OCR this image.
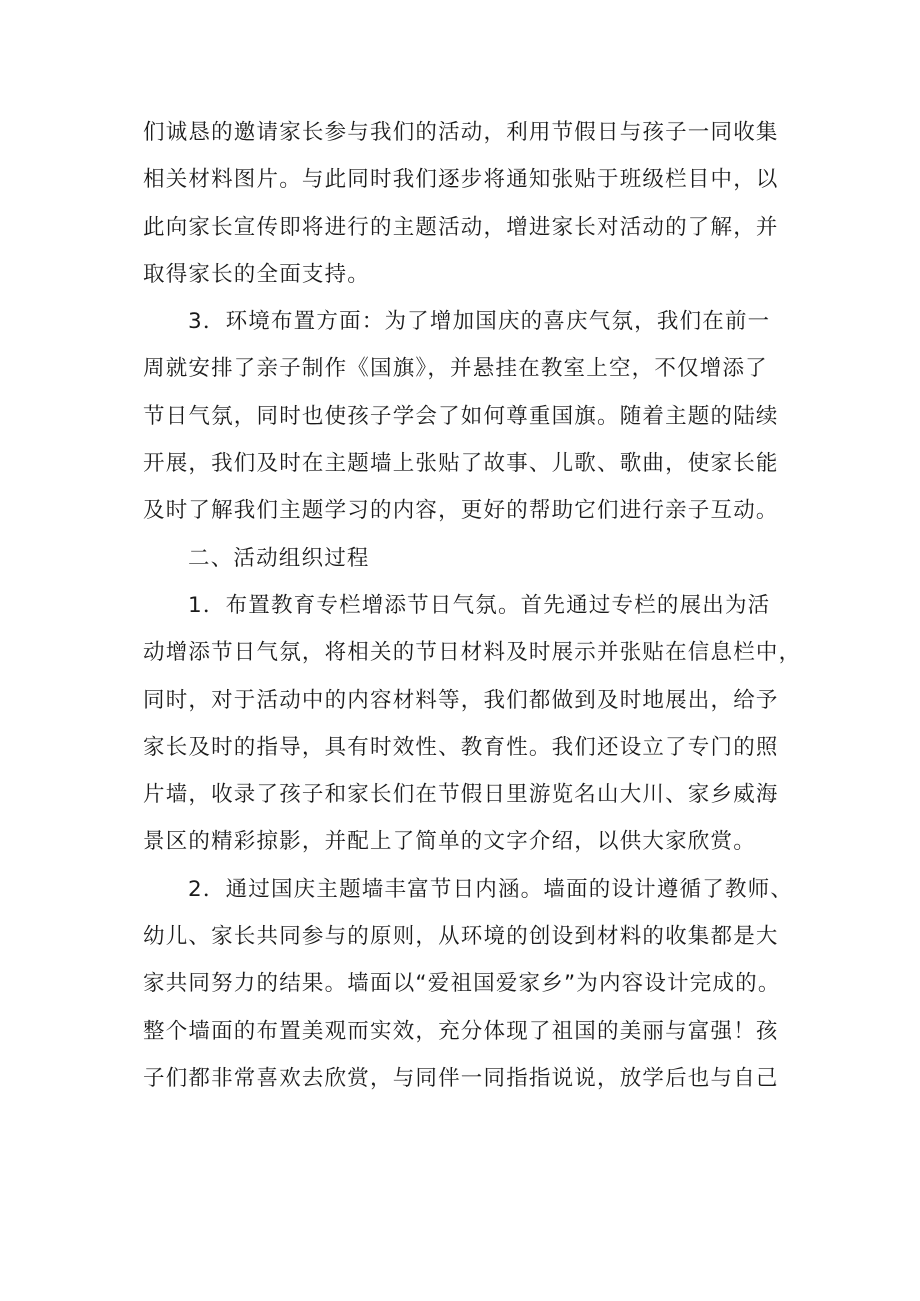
们诚恳的邀请家长参与我们的活动，利用节假日与孩子一同收集
相关材料图片。与此同时我们逐步将通知张贴于班级栏目中，以
此向家长宣传即将进行的主题活动，增进家长对活动的了解，并
取得家长的全面支持。
3．环境布置方面：为了增加国庆的喜庆气氛，我们在前一
周就安排了亲子制作《国旗》，并悬挂在教室上空，不仅增添了
节日气氛，同时也使孩子学会了如何尊重国旗。随着主题的陆续
开展，我们及时在主题墙上张贴了故事、儿歌、歌曲，使家长能
及时了解我们主题学习的内容，更好的帮助它们进行亲子互动。
二、活动组织过程
1．布置教育专栏增添节日气氛。首先通过专栏的展出为活
动增添节日气氛，将相关的节日材料及时展示并张贴在信息栏中，
同时，对于活动中的内容材料等，我们都做到及时地展出，给予
家长及时的指导，具有时效性、教育性。我们还设立了专门的照
片墙，收录了孩子和家长们在节假日里游览名山大川、家乡威海
景区的精彩掠影，并配上了简单的文字介绍，以供大家欣赏。
2．通过国庆主题墙丰富节日内涵。墙面的设计遵循了教师、
幼儿、家长共同参与的原则，从环境的创设到材料的收集都是大
家共同努力的结果。墙面以“爱祖国爱家乡”为内容设计完成的。
整个墙面的布置美观而实效，充分体现了祖国的美丽与富强！孩
子们都非常喜欢去欣赏，与同伴一同指指说说，放学后也与自己
